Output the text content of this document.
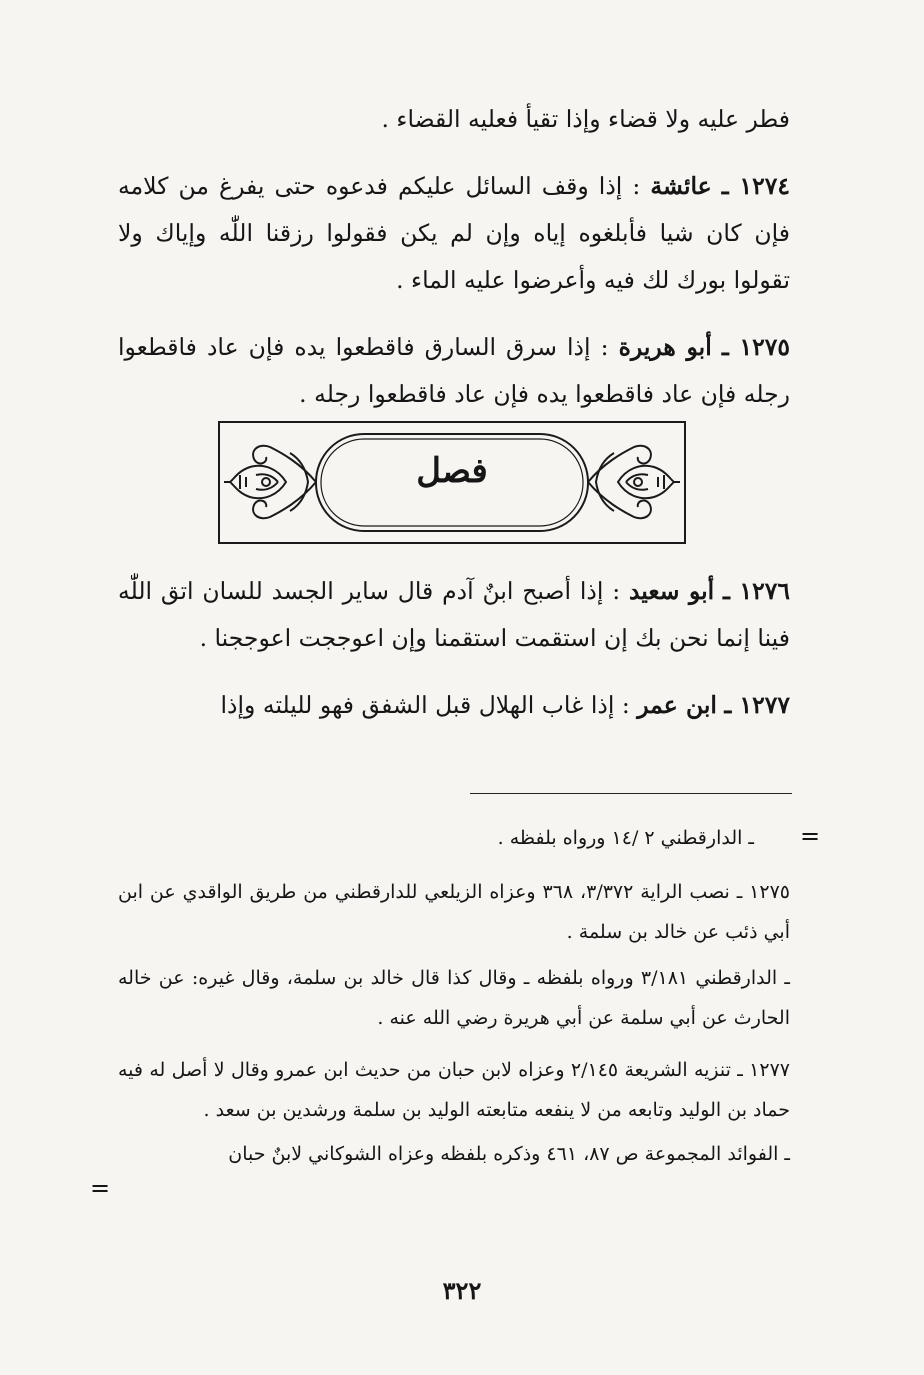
فطر عليه ولا قضاء وإذا تقيأ فعليه القضاء .

١٢٧٤ ـ عائشة : إذا وقف السائل عليكم فدعوه حتى يفرغ من كلامه فإن كان شيا فأبلغوه إياه وإن لم يكن فقولوا رزقنا اللّٰه وإياك ولا تقولوا بورك لك فيه وأعرضوا عليه الماء .

١٢٧٥ ـ أبو هريرة : إذا سرق السارق فاقطعوا يده فإن عاد فاقطعوا رجله فإن عاد فاقطعوا يده فإن عاد فاقطعوا رجله .

فصل

١٢٧٦ ـ أبو سعيد : إذا أصبح ابنٌ آدم قال ساير الجسد للسان اتق اللّٰه فينا إنما نحن بك إن استقمت استقمنا وإن اعوججت اعوججنا .

١٢٧٧ ـ ابن عمر : إذا غاب الهلال قبل الشفق فهو لليلته وإذا

=
=

ـ الدارقطني ٢ /١٤ ورواه بلفظه .

١٢٧٥ ـ نصب الراية ٣/٣٧٢، ٣٦٨ وعزاه الزيلعي للدارقطني من طريق الواقدي عن ابن أبي ذئب عن خالد بن سلمة .

ـ الدارقطني ٣/١٨١ ورواه بلفظه ـ وقال كذا قال خالد بن سلمة، وقال غيره: عن خاله الحارث عن أبي سلمة عن أبي هريرة رضي الله عنه .

١٢٧٧ ـ تنزيه الشريعة ٢/١٤٥ وعزاه لابن حبان من حديث ابن عمرو وقال لا أصل له فيه حماد بن الوليد وتابعه من لا ينفعه متابعته الوليد بن سلمة ورشدين بن سعد .

ـ الفوائد المجموعة ص ٨٧، ٤٦١ وذكره بلفظه وعزاه الشوكاني لابنٌ حبان

٣٢٢
